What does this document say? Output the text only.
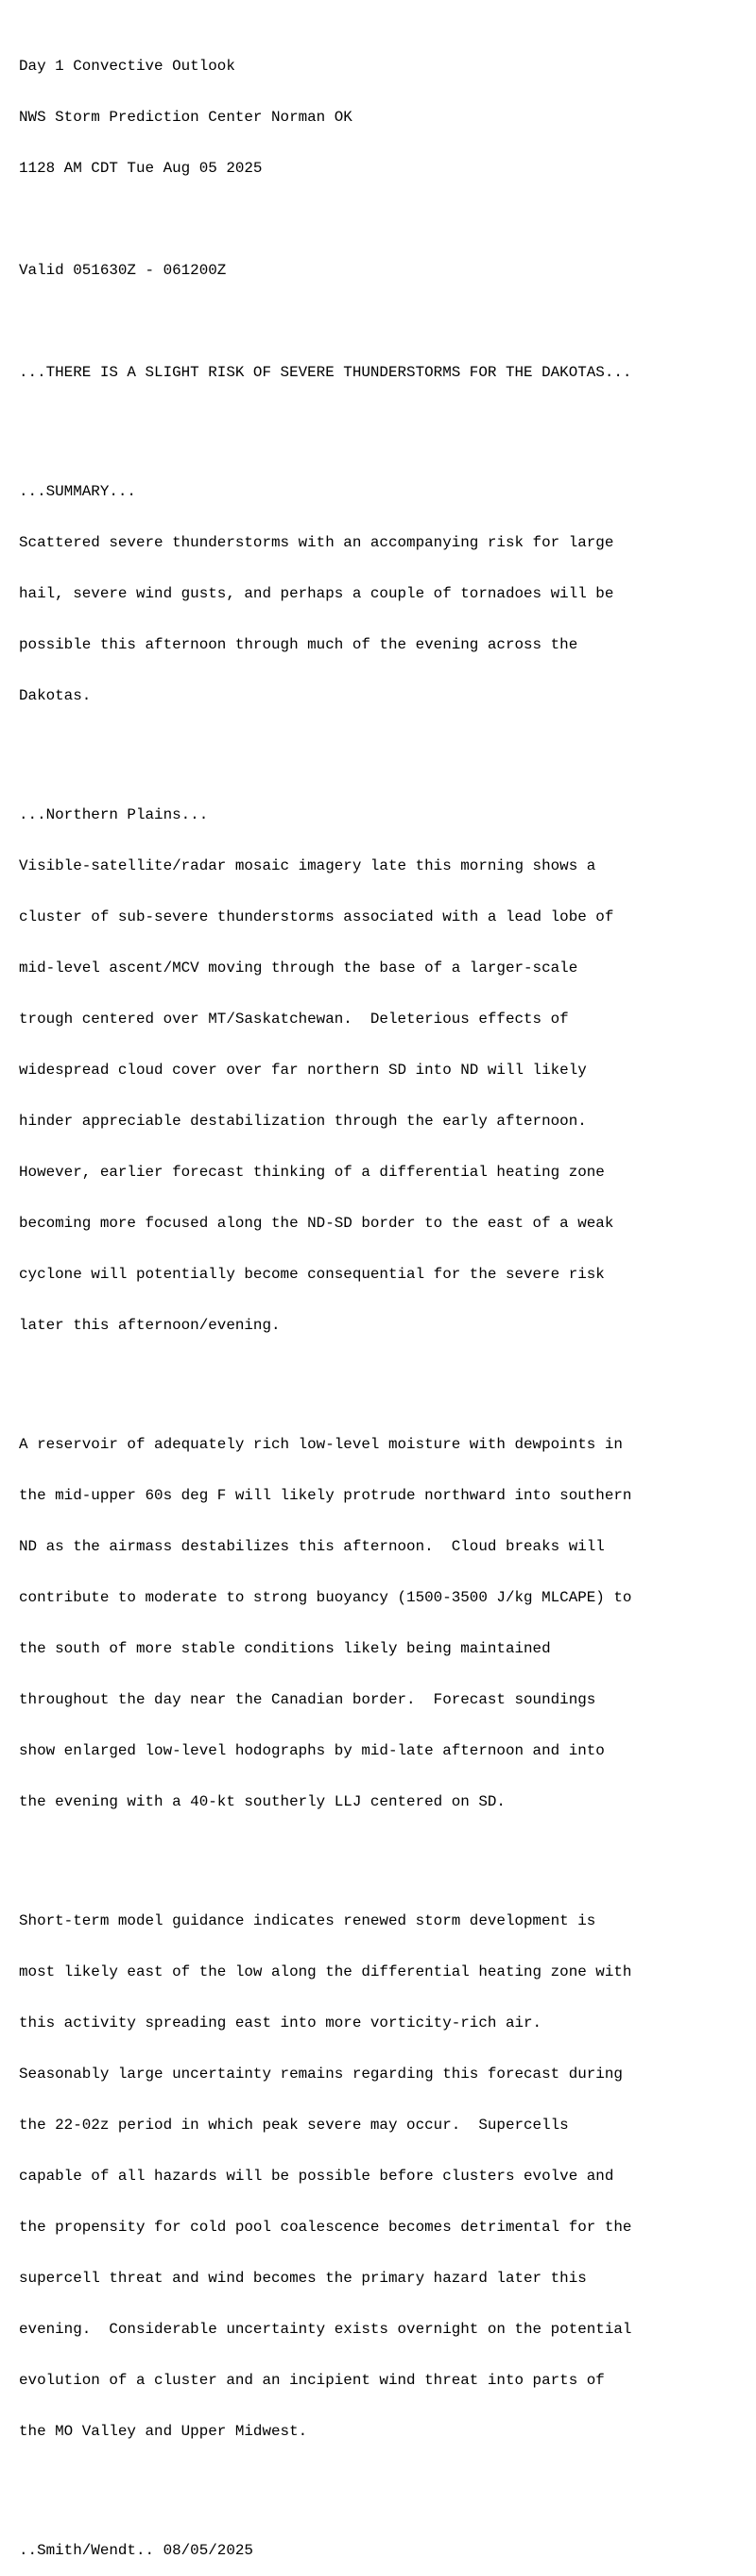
Day 1 Convective Outlook

NWS Storm Prediction Center Norman OK

1128 AM CDT Tue Aug 05 2025

Valid 051630Z - 061200Z

...THERE IS A SLIGHT RISK OF SEVERE THUNDERSTORMS FOR THE DAKOTAS...

...SUMMARY...

Scattered severe thunderstorms with an accompanying risk for large

hail, severe wind gusts, and perhaps a couple of tornadoes will be

possible this afternoon through much of the evening across the

Dakotas.

...Northern Plains...

Visible-satellite/radar mosaic imagery late this morning shows a

cluster of sub-severe thunderstorms associated with a lead lobe of

mid-level ascent/MCV moving through the base of a larger-scale

trough centered over MT/Saskatchewan.  Deleterious effects of

widespread cloud cover over far northern SD into ND will likely

hinder appreciable destabilization through the early afternoon.

However, earlier forecast thinking of a differential heating zone

becoming more focused along the ND-SD border to the east of a weak

cyclone will potentially become consequential for the severe risk

later this afternoon/evening.

A reservoir of adequately rich low-level moisture with dewpoints in

the mid-upper 60s deg F will likely protrude northward into southern

ND as the airmass destabilizes this afternoon.  Cloud breaks will

contribute to moderate to strong buoyancy (1500-3500 J/kg MLCAPE) to

the south of more stable conditions likely being maintained

throughout the day near the Canadian border.  Forecast soundings

show enlarged low-level hodographs by mid-late afternoon and into

the evening with a 40-kt southerly LLJ centered on SD.

Short-term model guidance indicates renewed storm development is

most likely east of the low along the differential heating zone with

this activity spreading east into more vorticity-rich air.

Seasonably large uncertainty remains regarding this forecast during

the 22-02z period in which peak severe may occur.  Supercells

capable of all hazards will be possible before clusters evolve and

the propensity for cold pool coalescence becomes detrimental for the

supercell threat and wind becomes the primary hazard later this

evening.  Considerable uncertainty exists overnight on the potential

evolution of a cluster and an incipient wind threat into parts of

the MO Valley and Upper Midwest.

..Smith/Wendt.. 08/05/2025
